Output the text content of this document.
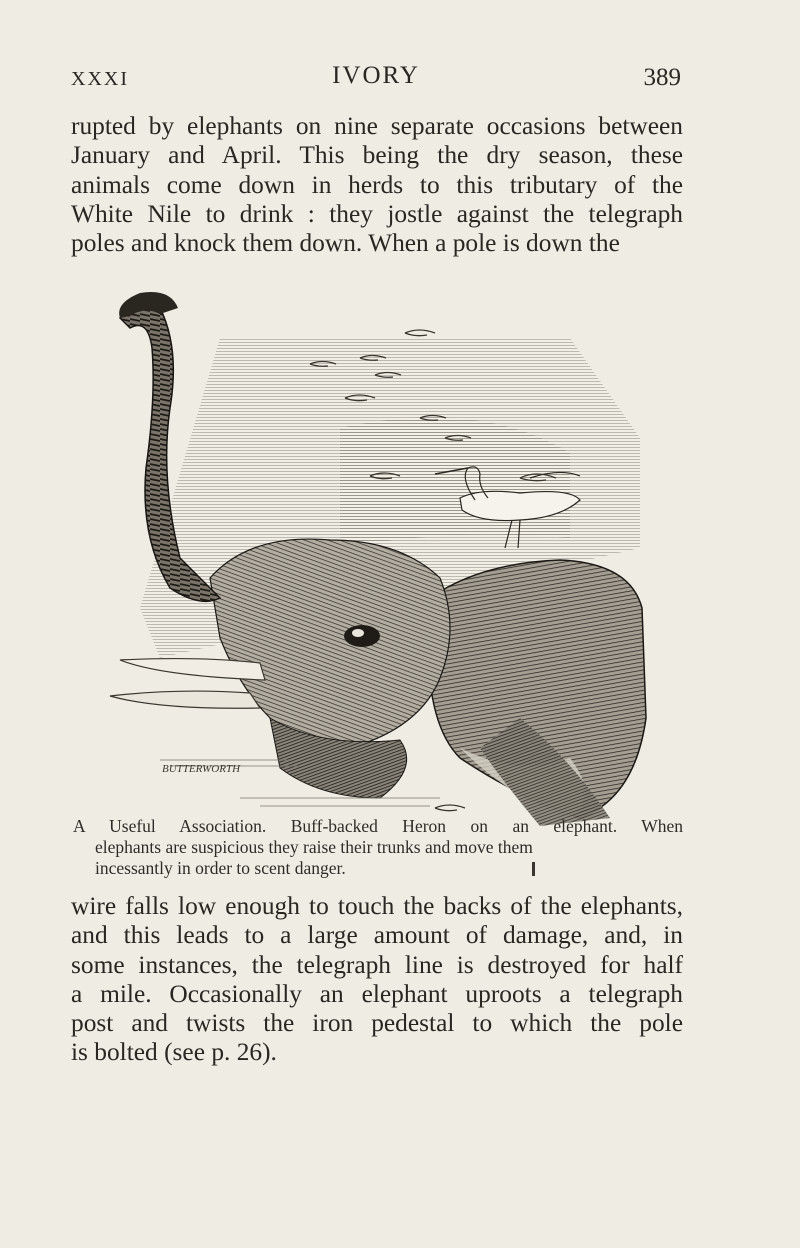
XXXI	IVORY	389

rupted by elephants on nine separate occasions between
January and April. This being the dry season, these
animals come down in herds to this tributary of the
White Nile to drink : they jostle against the telegraph
poles and knock them down. When a pole is down the

BUTTERWORTH
A Useful Association. Buff-backed Heron on an elephant. When
elephants are suspicious they raise their trunks and move them
incessantly in order to scent danger.

wire falls low enough to touch the backs of the elephants,
and this leads to a large amount of damage, and, in
some instances, the telegraph line is destroyed for half
a mile. Occasionally an elephant uproots a telegraph
post and twists the iron pedestal to which the pole
is bolted (see p. 26).
